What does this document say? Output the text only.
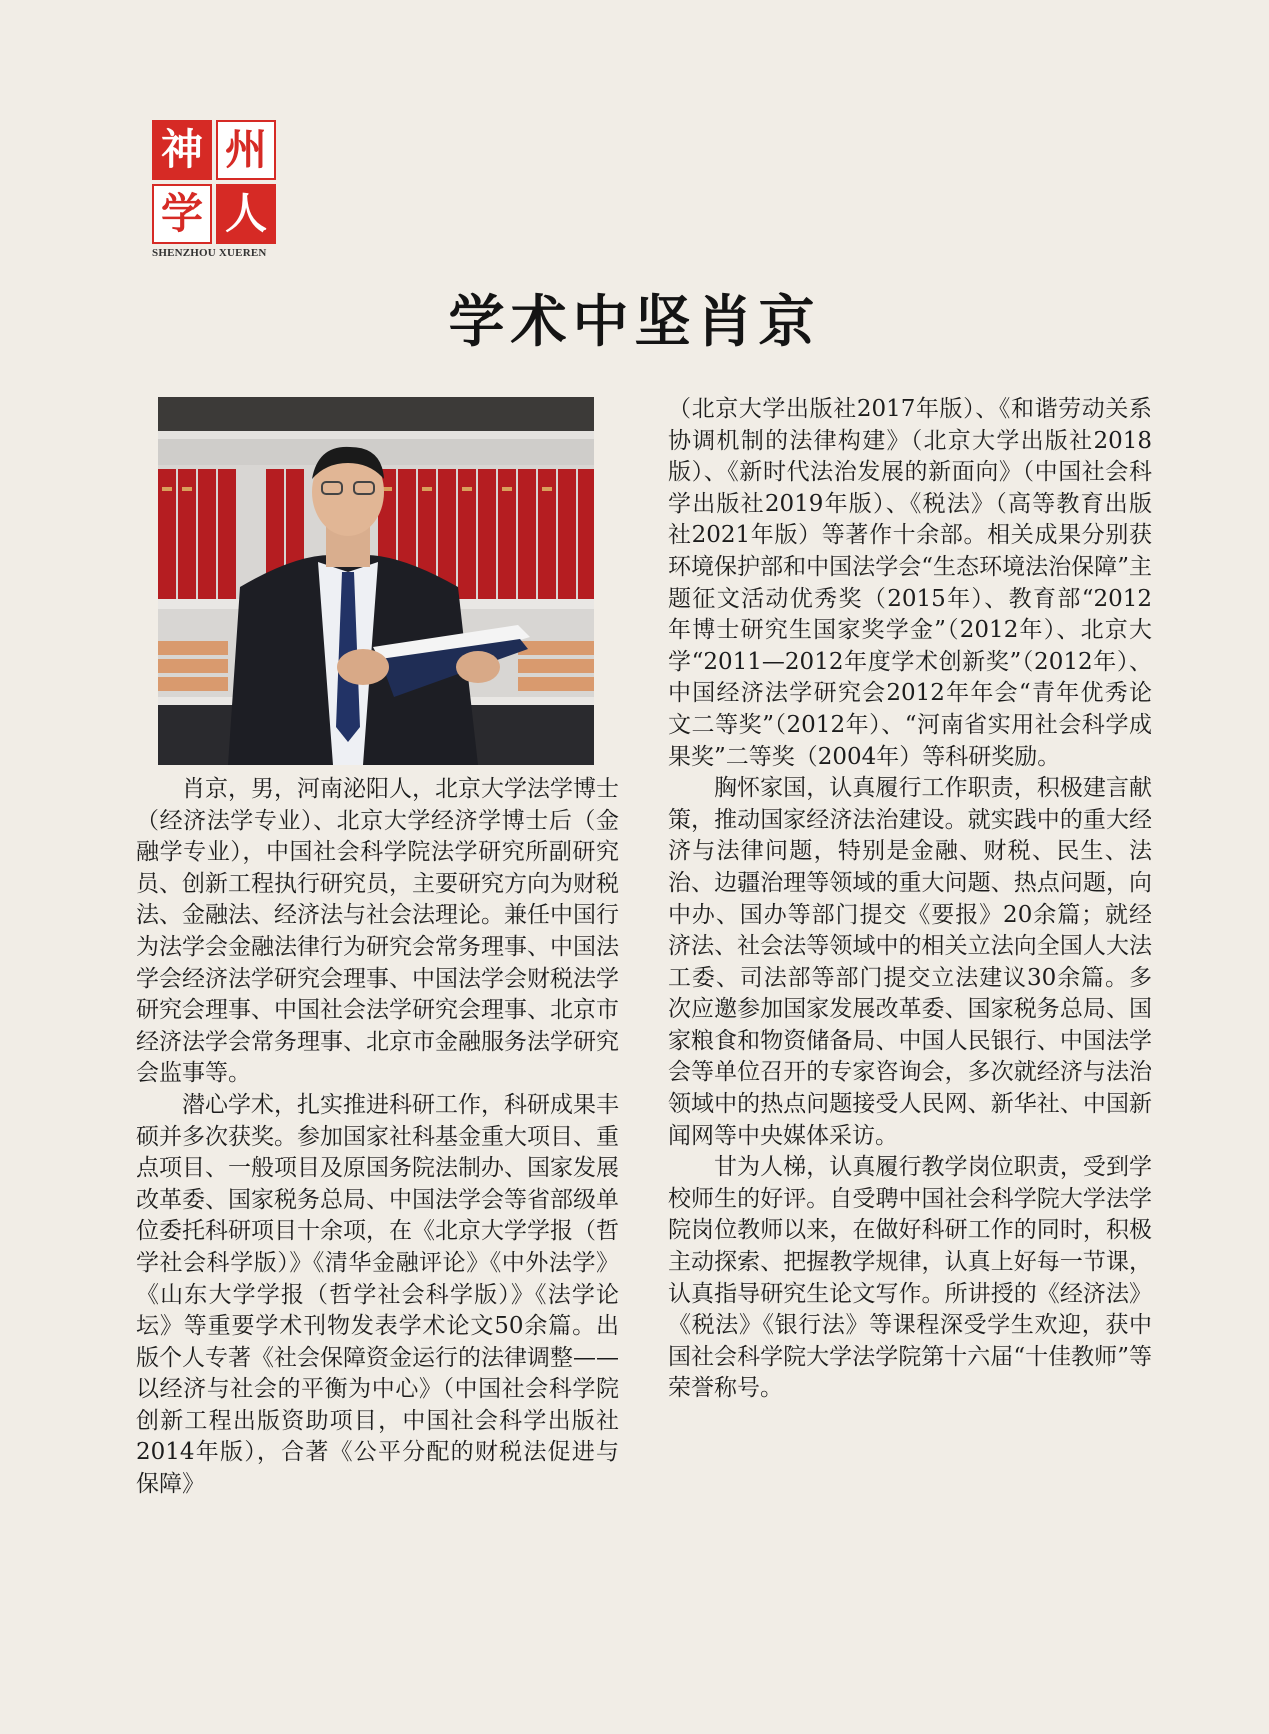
神 州
学 人
SHENZHOU XUEREN
学术中坚肖京

肖京，男，河南泌阳人，北京大学法学博士（经济法学专业）、北京大学经济学博士后（金融学专业），中国社会科学院法学研究所副研究员、创新工程执行研究员，主要研究方向为财税法、金融法、经济法与社会法理论。兼任中国行为法学会金融法律行为研究会常务理事、中国法学会经济法学研究会理事、中国法学会财税法学研究会理事、中国社会法学研究会理事、北京市经济法学会常务理事、北京市金融服务法学研究会监事等。

潜心学术，扎实推进科研工作，科研成果丰硕并多次获奖。参加国家社科基金重大项目、重点项目、一般项目及原国务院法制办、国家发展改革委、国家税务总局、中国法学会等省部级单位委托科研项目十余项，在《北京大学学报（哲学社会科学版）》《清华金融评论》《中外法学》《山东大学学报（哲学社会科学版）》《法学论坛》等重要学术刊物发表学术论文50余篇。出版个人专著《社会保障资金运行的法律调整——以经济与社会的平衡为中心》（中国社会科学院创新工程出版资助项目，中国社会科学出版社2014年版），合著《公平分配的财税法促进与保障》

（北京大学出版社2017年版）、《和谐劳动关系协调机制的法律构建》（北京大学出版社2018版）、《新时代法治发展的新面向》（中国社会科学出版社2019年版）、《税法》（高等教育出版社2021年版）等著作十余部。相关成果分别获环境保护部和中国法学会“生态环境法治保障”主题征文活动优秀奖（2015年）、教育部“2012年博士研究生国家奖学金”（2012年）、北京大学“2011—2012年度学术创新奖”（2012年）、中国经济法学研究会2012年年会“青年优秀论文二等奖”（2012年）、“河南省实用社会科学成果奖”二等奖（2004年）等科研奖励。

胸怀家国，认真履行工作职责，积极建言献策，推动国家经济法治建设。就实践中的重大经济与法律问题，特别是金融、财税、民生、法治、边疆治理等领域的重大问题、热点问题，向中办、国办等部门提交《要报》20余篇；就经济法、社会法等领域中的相关立法向全国人大法工委、司法部等部门提交立法建议30余篇。多次应邀参加国家发展改革委、国家税务总局、国家粮食和物资储备局、中国人民银行、中国法学会等单位召开的专家咨询会，多次就经济与法治领域中的热点问题接受人民网、新华社、中国新闻网等中央媒体采访。

甘为人梯，认真履行教学岗位职责，受到学校师生的好评。自受聘中国社会科学院大学法学院岗位教师以来，在做好科研工作的同时，积极主动探索、把握教学规律，认真上好每一节课，认真指导研究生论文写作。所讲授的《经济法》《税法》《银行法》等课程深受学生欢迎，获中国社会科学院大学法学院第十六届“十佳教师”等荣誉称号。
